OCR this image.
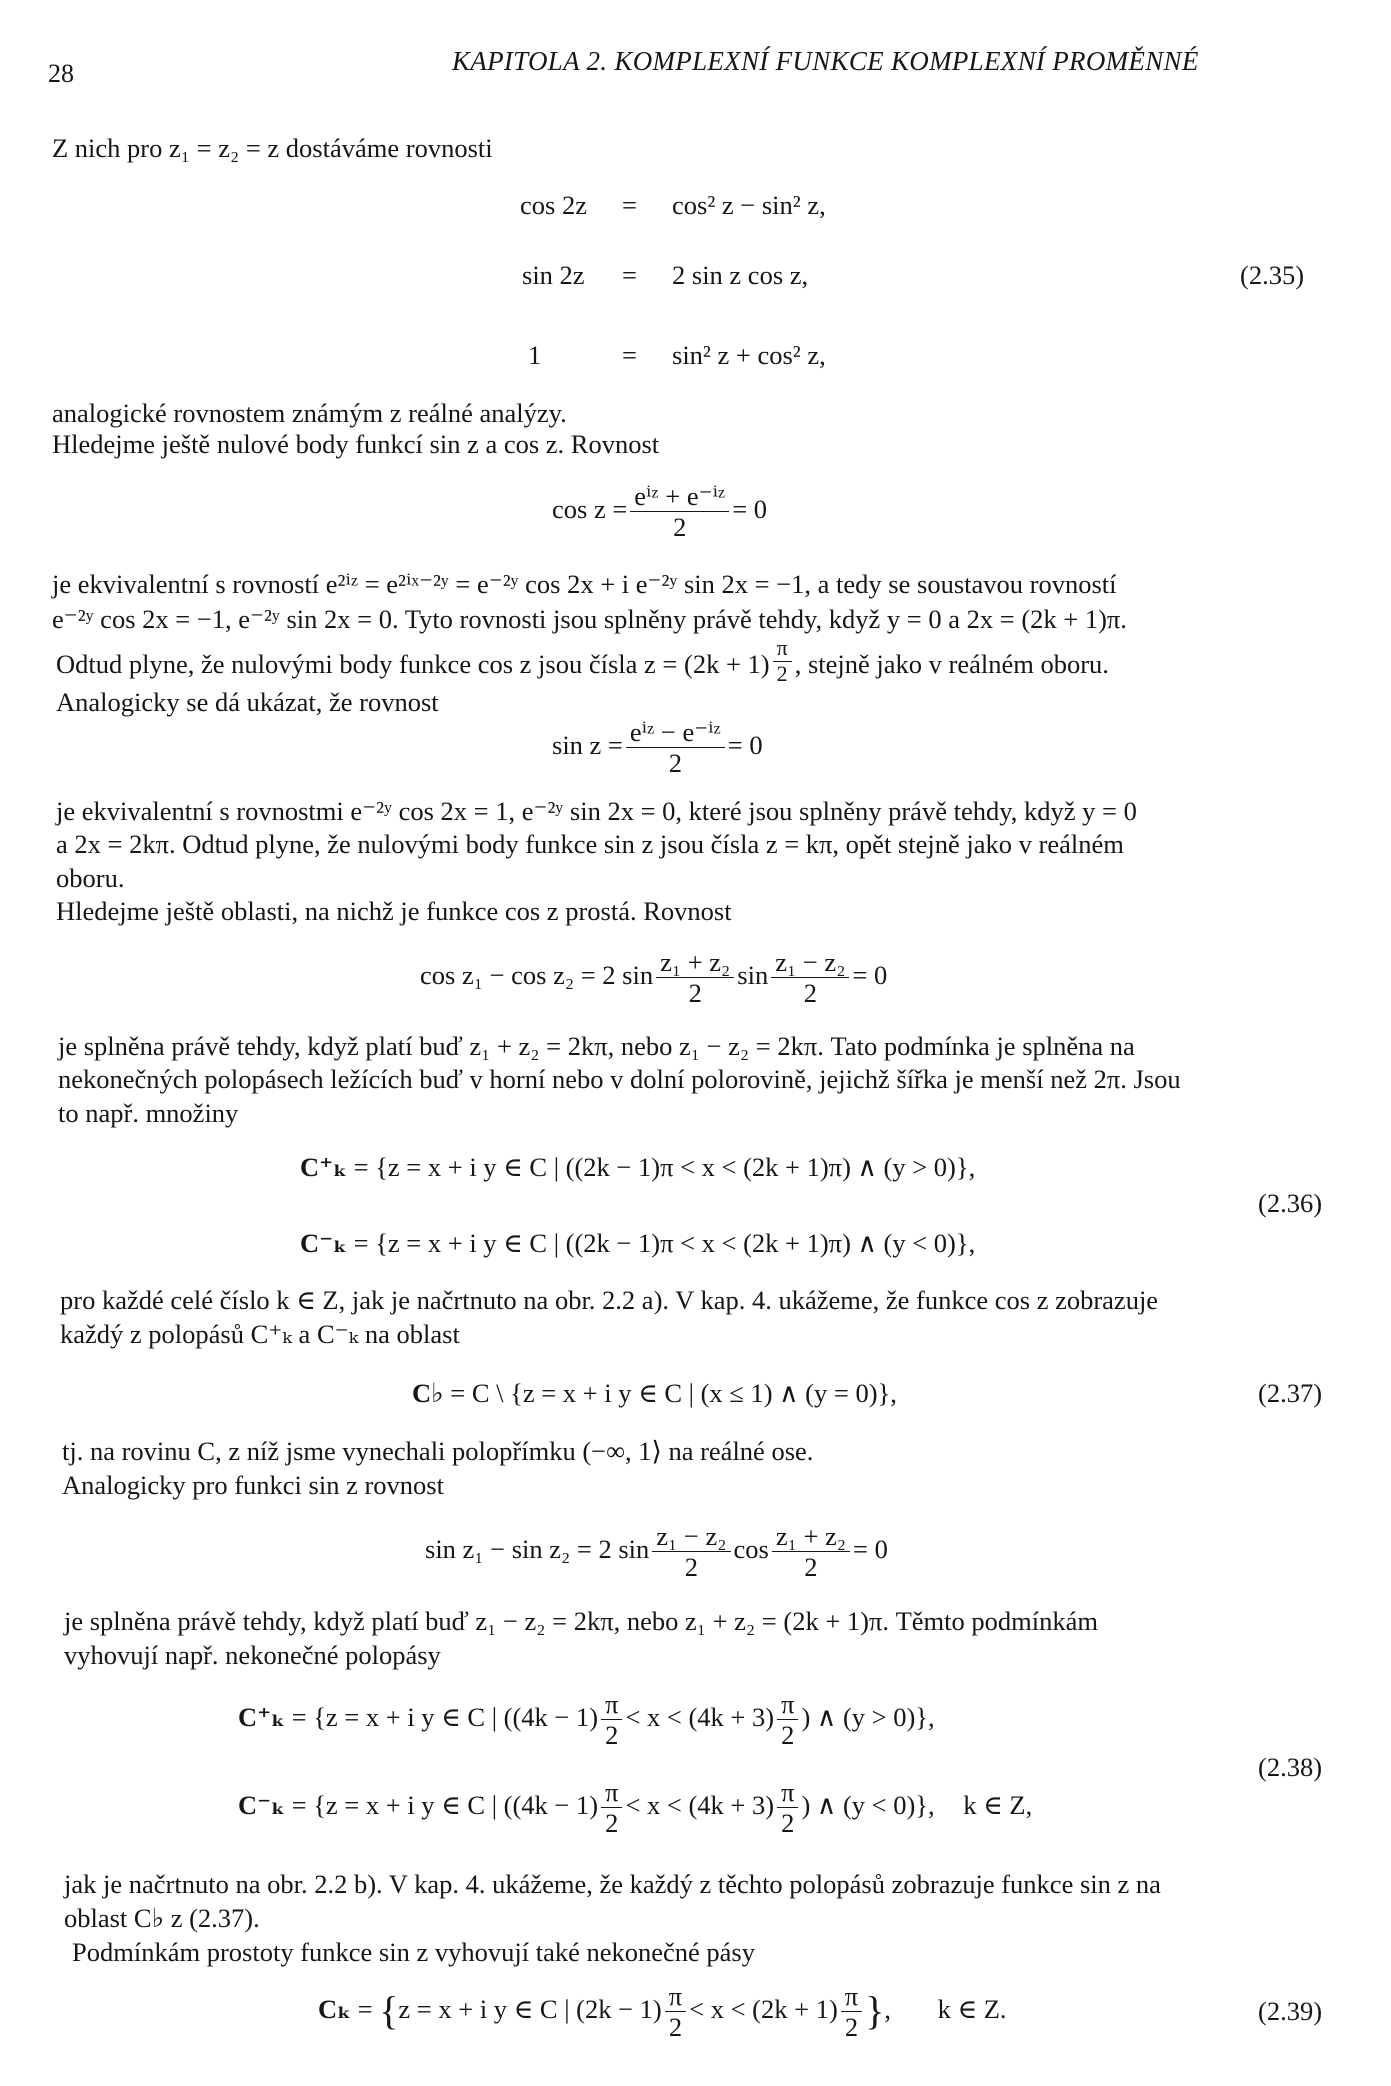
28	KAPITOLA 2. KOMPLEXNÍ FUNKCE KOMPLEXNÍ PROMĚNNÉ
Z nich pro z₁ = z₂ = z dostáváme rovnosti
cos 2z = cos² z − sin² z,
sin 2z = 2 sin z cos z,
1	= sin² z + cos² z,
(2.35)
analogické rovnostem známým z reálné analýzy.
Hledejme ještě nulové body funkcí sin z a cos z. Rovnost
$\cos z = \frac{\text{eⁱᶻ + e⁻ⁱᶻ}}{2} = 0$
je ekvivalentní s rovností e²ⁱᶻ = e²ⁱˣ⁻²ʸ = e⁻²ʸ cos 2x + i e⁻²ʸ sin 2x = −1, a tedy se soustavou rovností
e⁻²ʸ cos 2x = −1, e⁻²ʸ sin 2x = 0. Tyto rovnosti jsou splněny právě tehdy, když y = 0 a 2x = (2k + 1)π.
Odtud plyne, že nulovými body funkce cos z jsou čísla $z = (2k + 1) \frac{\pi}{2}$ , stejně jako v reálném oboru.
Analogicky se dá ukázat, že rovnost
$\sin z = \frac{\text{eⁱᶻ − e⁻ⁱᶻ}}{2} = 0$
je ekvivalentní s rovnostmi e⁻²ʸ cos 2x = 1, e⁻²ʸ sin 2x = 0, které jsou splněny právě tehdy, když y = 0
a 2x = 2kπ. Odtud plyne, že nulovými body funkce sin z jsou čísla z = kπ, opět stejně jako v reálném
oboru.
Hledejme ještě oblasti, na nichž je funkce cos z prostá. Rovnost
cos z₁ − cos z₂ = 2 $\sin \frac{\text{z₁ + z₂}}{2}$ $\sin \frac{\text{z₁ − z₂}}{2} = 0$
je splněna právě tehdy, když platí buď z₁ + z₂ = 2kπ, nebo z₁ − z₂ = 2kπ. Tato podmínka je splněna na
nekonečných polopásech ležících buď v horní nebo v dolní polorovině, jejichž šířka je menší než 2π. Jsou
to např. množiny
C⁺ₖ = {z = x + i y ∈ C | ((2k − 1)π < x < (2k + 1)π) ∧ (y > 0)},
C⁻ₖ = {z = x + i y ∈ C | ((2k − 1)π < x < (2k + 1)π) ∧ (y < 0)},
(2.36)
pro každé celé číslo k ∈ Z, jak je načrtnuto na obr. 2.2 a). V kap. 4. ukážeme, že funkce cos z zobrazuje
každý z polopásů C⁺ₖ a C⁻ₖ na oblast
C♭ = C \ {z = x + i y ∈ C | (x ≤ 1) ∧ (y = 0)},	(2.37)
tj. na rovinu C, z níž jsme vynechali polopřímku (−∞, 1⟩ na reálné ose.
Analogicky pro funkci sin z rovnost
sin z₁ − sin z₂ = 2 $\sin \frac{\text{z₁ − z₂}}{2}$ $\cos \frac{\text{z₁ + z₂}}{2} = 0$
je splněna právě tehdy, když platí buď z₁ − z₂ = 2kπ, nebo z₁ + z₂ = (2k + 1)π. Těmto podmínkám
vyhovují např. nekonečné polopásy
C⁺ₖ = {z = x + i y ∈ C | ($(4k - 1) \frac{\pi}{2} < x < (4k + 3) \frac{\pi}{2}$ ) ∧ (y > 0)},
C⁻ₖ = {z = x + i y ∈ C | ($(4k - 1) \frac{\pi}{2} < x < (4k + 3) \frac{\pi}{2}$ ) ∧ (y < 0)}, k ∈ Z,
(2.38)
jak je načrtnuto na obr. 2.2 b). V kap. 4. ukážeme, že každý z těchto polopásů zobrazuje funkce sin z na
oblast C♭ z (2.37).
Podmínkám prostoty funkce sin z vyhovují také nekonečné pásy
Cₖ = {z = x + i y ∈ C | $(2k - 1) \frac{\pi}{2} < x < (2k + 1) \frac{\pi}{2}$ }, k ∈ Z.	(2.39)
